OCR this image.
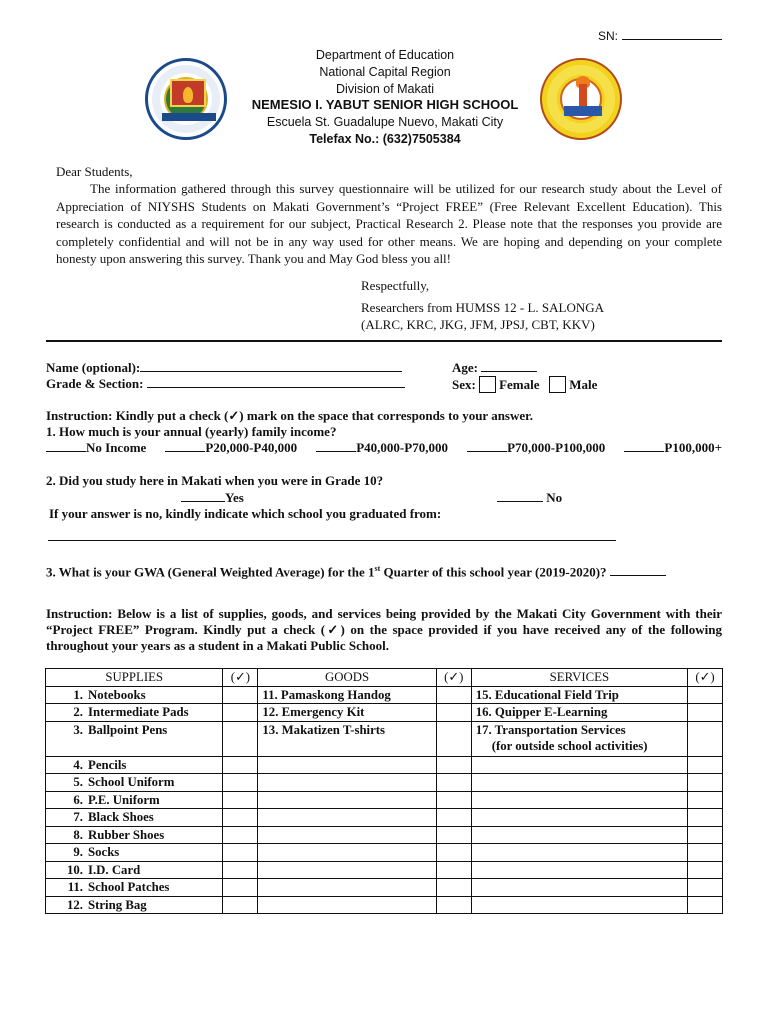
SN:
Department of Education
National Capital Region
Division of Makati
NEMESIO I. YABUT SENIOR HIGH SCHOOL
Escuela St. Guadalupe Nuevo, Makati City
Telefax No.: (632)7505384
Dear Students,
The information gathered through this survey questionnaire will be utilized for our research study about the Level of Appreciation of NIYSHS Students on Makati Government’s “Project FREE” (Free Relevant Excellent Education). This research is conducted as a requirement for our subject, Practical Research 2. Please note that the responses you provide are completely confidential and will not be in any way used for other means. We are hoping and depending on your complete honesty upon answering this survey. Thank you and May God bless you all!
Respectfully,
Researchers from HUMSS 12 - L. SALONGA
(ALRC, KRC, JKG, JFM, JPSJ, CBT, KKV)
Name (optional):
Grade & Section:
Age:
Sex: Female Male
Instruction: Kindly put a check (✓) mark on the space that corresponds to your answer.
1. How much is your annual (yearly) family income?
No Income	P20,000-P40,000	P40,000-P70,000	P70,000-P100,000	P100,000+
2. Did you study here in Makati when you were in Grade 10?
Yes	No
If your answer is no, kindly indicate which school you graduated from:
3. What is your GWA (General Weighted Average) for the 1st Quarter of this school year (2019-2020)?
Instruction: Below is a list of supplies, goods, and services being provided by the Makati City Government with their “Project FREE” Program. Kindly put a check (✓) on the space provided if you have received any of the following throughout your years as a student in a Makati Public School.
SUPPLIES	(✓)	GOODS	(✓)	SERVICES	(✓)
1. Notebooks		11. Pamaskong Handog		15. Educational Field Trip	
2. Intermediate Pads		12. Emergency Kit		16. Quipper E-Learning	
3. Ballpoint Pens		13. Makatizen T-shirts		17. Transportation Services
(for outside school activities)	

4. Pencils					
5. School Uniform					
6. P.E. Uniform					
7. Black Shoes					
8. Rubber Shoes					
9. Socks					
10. I.D. Card					
11. School Patches					
12. String Bag					
